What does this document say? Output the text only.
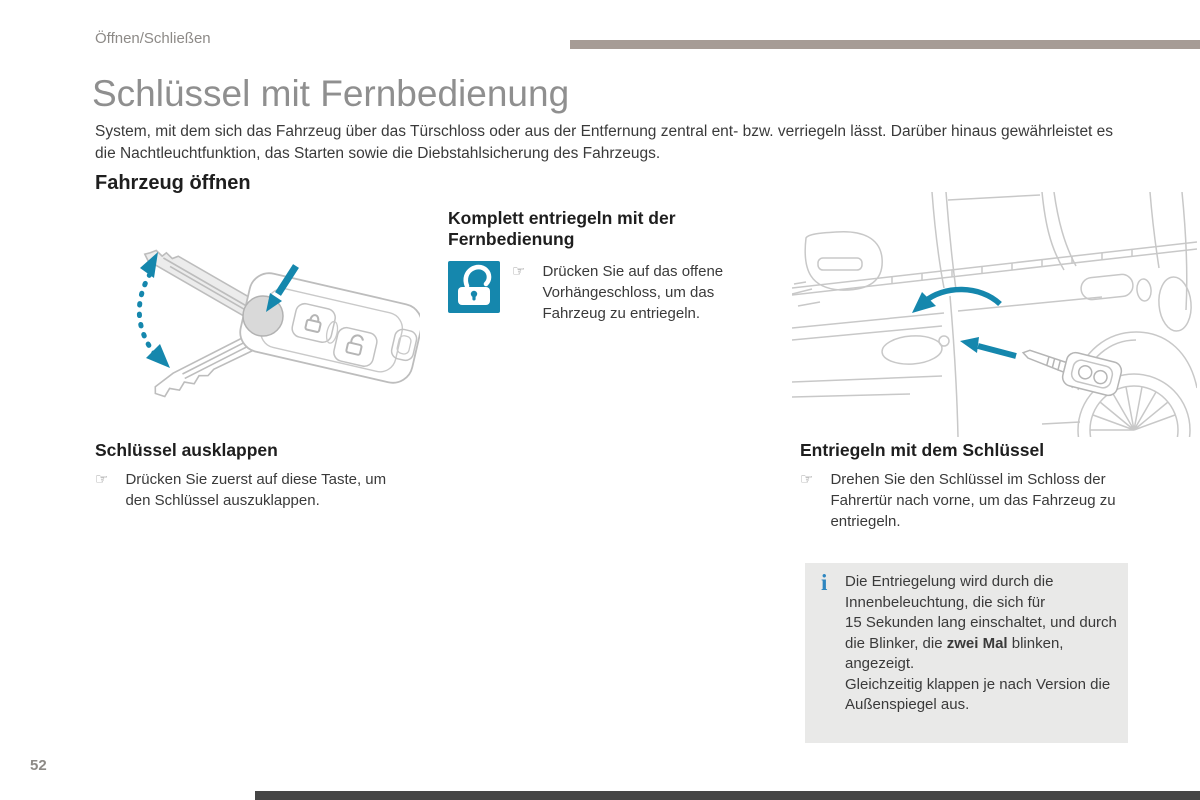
Öffnen/Schließen
Schlüssel mit Fernbedienung
System, mit dem sich das Fahrzeug über das Türschloss oder aus der Entfernung zentral ent- bzw. verriegeln lässt. Darüber hinaus gewährleistet es die Nachtleuchtfunktion, das Starten sowie die Diebstahlsicherung des Fahrzeugs.
Fahrzeug öffnen
Komplett entriegeln mit der Fernbedienung
☞ Drücken Sie auf das offene Vorhängeschloss, um das Fahrzeug zu entriegeln.
Schlüssel ausklappen
☞ Drücken Sie zuerst auf diese Taste, um den Schlüssel auszuklappen.
Entriegeln mit dem Schlüssel
☞ Drehen Sie den Schlüssel im Schloss der Fahrertür nach vorne, um das Fahrzeug zu entriegeln.
i Die Entriegelung wird durch die Innenbeleuchtung, die sich für 15 Sekunden lang einschaltet, und durch die Blinker, die zwei Mal blinken, angezeigt.
Gleichzeitig klappen je nach Version die Außenspiegel aus.
52
